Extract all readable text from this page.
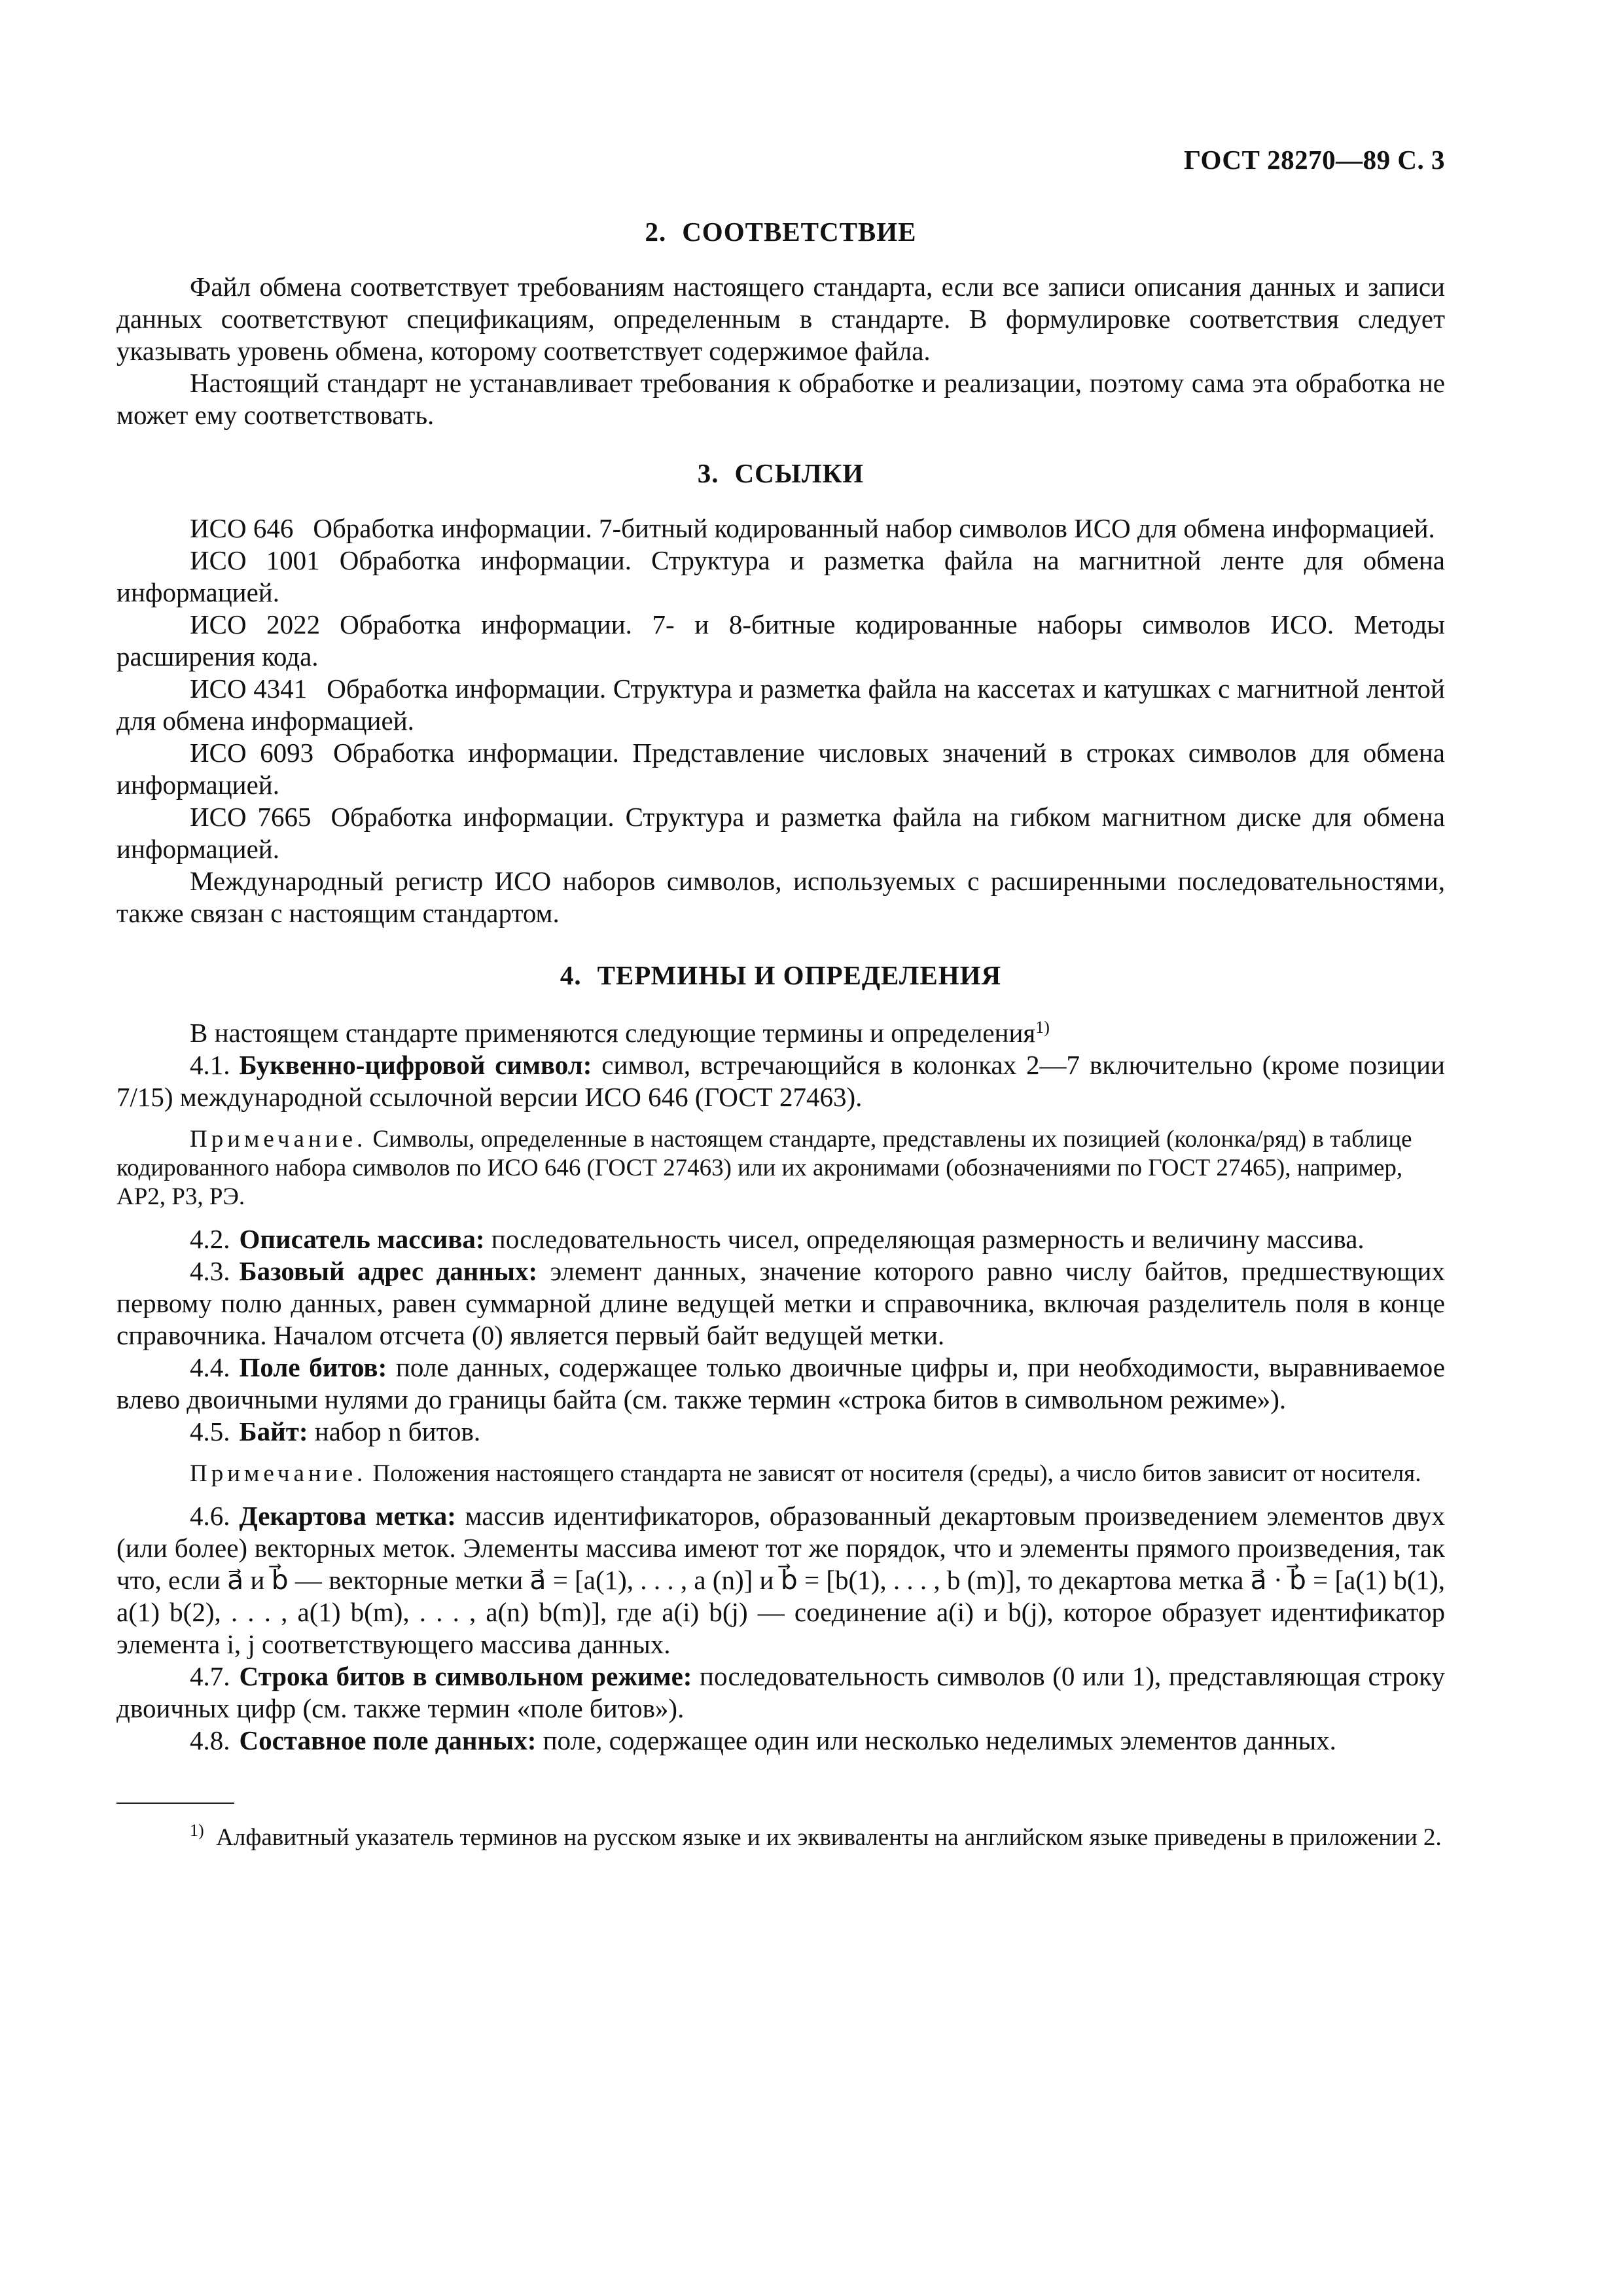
ГОСТ 28270—89 С. 3
2. СООТВЕТСТВИЕ

Файл обмена соответствует требованиям настоящего стандарта, если все записи описания данных и записи данных соответствуют спецификациям, определенным в стандарте. В формулировке соответствия следует указывать уровень обмена, которому соответствует содержимое файла.

Настоящий стандарт не устанавливает требования к обработке и реализации, поэтому сама эта обработка не может ему соответствовать.

3. ССЫЛКИ

ИСО 646 Обработка информации. 7-битный кодированный набор символов ИСО для обмена информацией.

ИСО 1001 Обработка информации. Структура и разметка файла на магнитной ленте для обмена информацией.

ИСО 2022 Обработка информации. 7- и 8-битные кодированные наборы символов ИСО. Методы расширения кода.

ИСО 4341 Обработка информации. Структура и разметка файла на кассетах и катушках с магнитной лентой для обмена информацией.

ИСО 6093 Обработка информации. Представление числовых значений в строках символов для обмена информацией.

ИСО 7665 Обработка информации. Структура и разметка файла на гибком магнитном диске для обмена информацией.

Международный регистр ИСО наборов символов, используемых с расширенными последовательностями, также связан с настоящим стандартом.

4. ТЕРМИНЫ И ОПРЕДЕЛЕНИЯ

В настоящем стандарте применяются следующие термины и определения$^{1)}$

4.1. Буквенно-цифровой символ: символ, встречающийся в колонках 2—7 включительно (кроме позиции 7/15) международной ссылочной версии ИСО 646 (ГОСТ 27463).

Примечание. Символы, определенные в настоящем стандарте, представлены их позицией (колонка/ряд) в таблице кодированного набора символов по ИСО 646 (ГОСТ 27463) или их акронимами (обозначениями по ГОСТ 27465), например, AP2, P3, PЭ.

4.2. Описатель массива: последовательность чисел, определяющая размерность и величину массива.

4.3. Базовый адрес данных: элемент данных, значение которого равно числу байтов, предшествующих первому полю данных, равен суммарной длине ведущей метки и справочника, включая разделитель поля в конце справочника. Началом отсчета (0) является первый байт ведущей метки.

4.4. Поле битов: поле данных, содержащее только двоичные цифры и, при необходимости, выравниваемое влево двоичными нулями до границы байта (см. также термин «строка битов в символьном режиме»).

4.5. Байт: набор n битов.

Примечание. Положения настоящего стандарта не зависят от носителя (среды), а число битов зависит от носителя.

4.6. Декартова метка: массив идентификаторов, образованный декартовым произведением элементов двух (или более) векторных меток. Элементы массива имеют тот же порядок, что и элементы прямого произведения, так что, если a⃗ и b⃗ — векторные метки a⃗ = [a(1), . . . , a (n)] и b⃗ = [b(1), . . . , b (m)], то декартова метка a⃗ · b⃗ = [a(1) b(1), a(1) b(2), . . . , a(1) b(m), . . . , a(n) b(m)], где a(i) b(j) — соединение a(i) и b(j), которое образует идентификатор элемента i, j соответствующего массива данных.

4.7. Строка битов в символьном режиме: последовательность символов (0 или 1), представляющая строку двоичных цифр (см. также термин «поле битов»).

4.8. Составное поле данных: поле, содержащее один или несколько неделимых элементов данных.

$^{1)}$ Алфавитный указатель терминов на русском языке и их эквиваленты на английском языке приведены в приложении 2.
